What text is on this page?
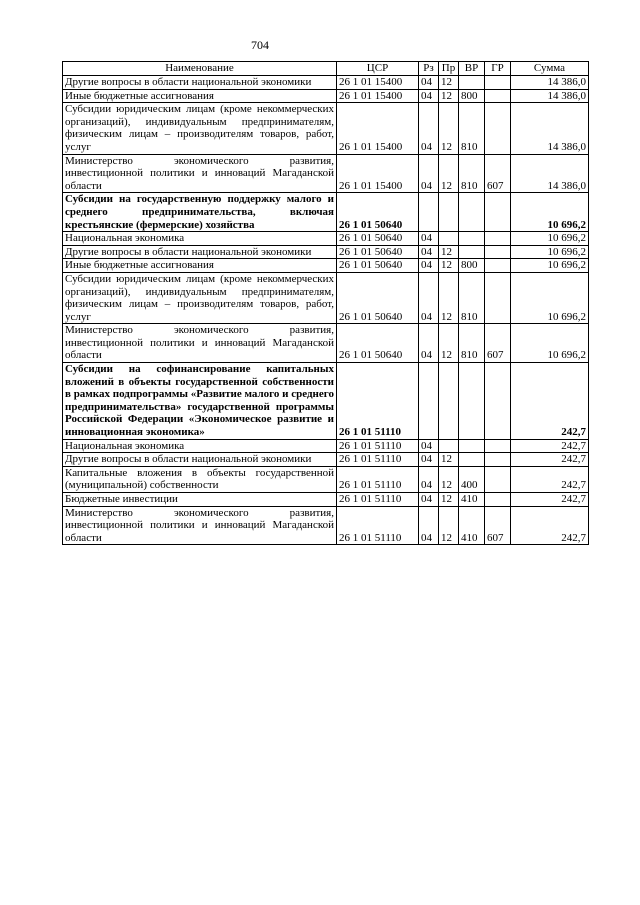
704
Наименование	ЦСР	Рз	Пр	ВР	ГР	Сумма
Другие вопросы в области национальной экономики	26 1 01 15400	04	12			14 386,0
Иные бюджетные ассигнования	26 1 01 15400	04	12	800		14 386,0
Субсидии юридическим лицам (кроме некоммерческих организаций), индивидуальным предпринимателям, физическим лицам – производителям товаров, работ, услуг	26 1 01 15400	04	12	810		14 386,0
Министерство экономического развития, инвестиционной политики и инноваций Магаданской области	26 1 01 15400	04	12	810	607	14 386,0
Субсидии на государственную поддержку малого и среднего предпринимательства, включая крестьянские (фермерские) хозяйства	26 1 01 50640					10 696,2
Национальная экономика	26 1 01 50640	04				10 696,2
Другие вопросы в области национальной экономики	26 1 01 50640	04	12			10 696,2
Иные бюджетные ассигнования	26 1 01 50640	04	12	800		10 696,2
Субсидии юридическим лицам (кроме некоммерческих организаций), индивидуальным предпринимателям, физическим лицам – производителям товаров, работ, услуг	26 1 01 50640	04	12	810		10 696,2
Министерство экономического развития, инвестиционной политики и инноваций Магаданской области	26 1 01 50640	04	12	810	607	10 696,2
Субсидии на софинансирование капитальных вложений в объекты государственной собственности в рамках подпрограммы «Развитие малого и среднего предпринимательства» государственной программы Российской Федерации «Экономическое развитие и инновационная экономика»	26 1 01 51110					242,7
Национальная экономика	26 1 01 51110	04				242,7
Другие вопросы в области национальной экономики	26 1 01 51110	04	12			242,7
Капитальные вложения в объекты государственной (муниципальной) собственности	26 1 01 51110	04	12	400		242,7
Бюджетные инвестиции	26 1 01 51110	04	12	410		242,7
Министерство экономического развития, инвестиционной политики и инноваций Магаданской области	26 1 01 51110	04	12	410	607	242,7
